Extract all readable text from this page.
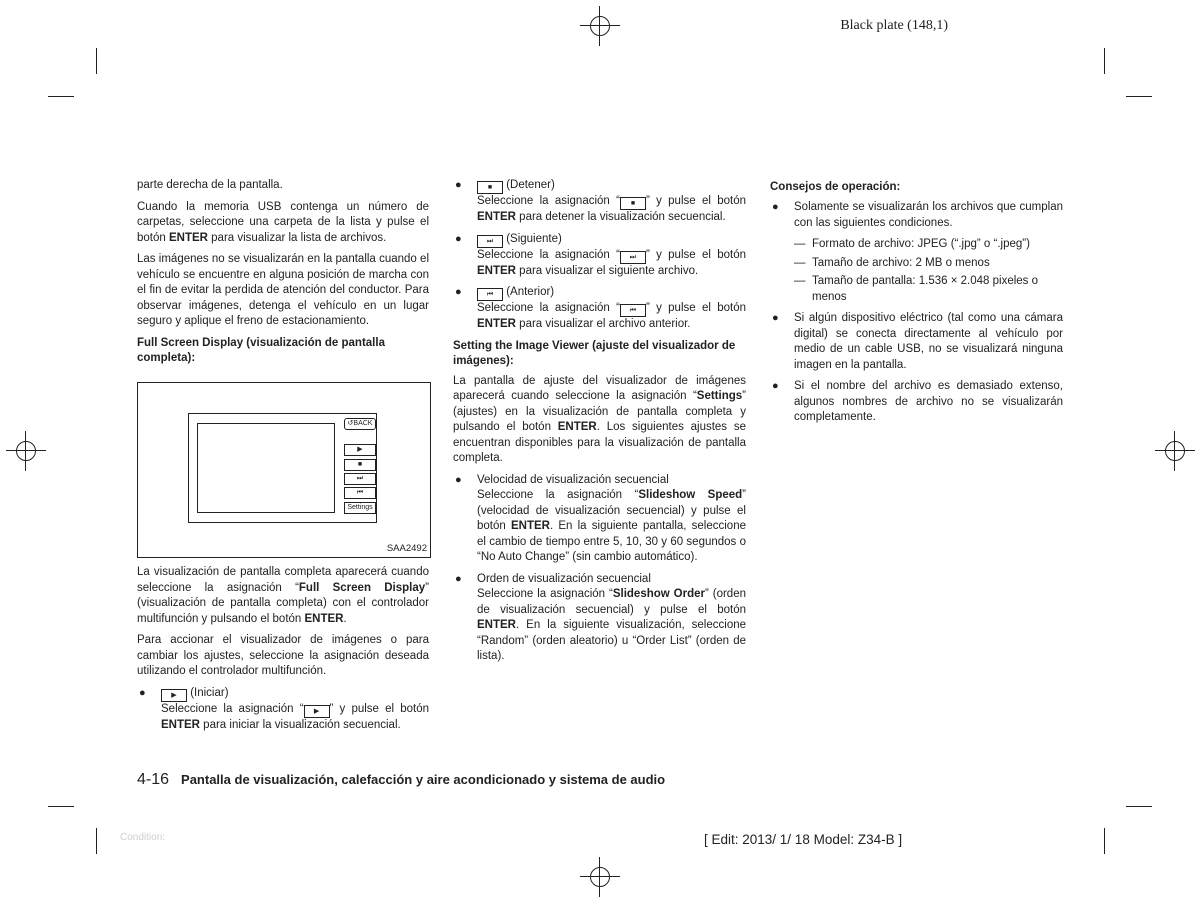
Black plate (148,1)

parte derecha de la pantalla.

Cuando la memoria USB contenga un número de carpetas, seleccione una carpeta de la lista y pulse el botón ENTER para visualizar la lista de archivos.

Las imágenes no se visualizarán en la pantalla cuando el vehículo se encuentre en alguna posición de marcha con el fin de evitar la perdida de atención del conductor. Para observar imágenes, detenga el vehículo en un lugar seguro y aplique el freno de estacionamiento.

Full Screen Display (visualización de pantalla completa):
↺BACK
▶
■
⏭
⏮
Settings
SAA2492

La visualización de pantalla completa aparecerá cuando seleccione la asignación “Full Screen Display” (visualización de pantalla completa) con el controlador multifunción y pulsando el botón ENTER.

Para accionar el visualizador de imágenes o para cambiar los ajustes, seleccione la asignación deseada utilizando el controlador multifunción.

●	▶ (Iniciar)
Seleccione la asignación “ ▶ ” y pulse el botón ENTER para iniciar la visualización secuencial.
●	■ (Detener)
Seleccione la asignación “ ■ ” y pulse el botón ENTER para detener la visualización secuencial.
●	⏭ (Siguiente)
Seleccione la asignación “ ⏭ ” y pulse el botón ENTER para visualizar el siguiente archivo.
●	⏮ (Anterior)
Seleccione la asignación “ ⏮ ” y pulse el botón ENTER para visualizar el archivo anterior.
Setting the Image Viewer (ajuste del visualizador de imágenes):

La pantalla de ajuste del visualizador de imágenes aparecerá cuando seleccione la asignación “Settings” (ajustes) en la visualización de pantalla completa y pulsando el botón ENTER. Los siguientes ajustes se encuentran disponibles para la visualización de pantalla completa.

● Velocidad de visualización secuencial
Seleccione la asignación “Slideshow Speed” (velocidad de visualización secuencial) y pulse el botón ENTER. En la siguiente pantalla, seleccione el cambio de tiempo entre 5, 10, 30 y 60 segundos o “No Auto Change” (sin cambio automático).
● Orden de visualización secuencial
Seleccione la asignación “Slideshow Order” (orden de visualización secuencial) y pulse el botón ENTER. En la siguiente visualización, seleccione “Random” (orden aleatorio) u “Order List” (orden de lista).
Consejos de operación:
● Solamente se visualizarán los archivos que cumplan con las siguientes condiciones.
— Formato de archivo: JPEG (“.jpg” o “.jpeg”)
— Tamaño de archivo: 2 MB o menos
— Tamaño de pantalla: 1.536 × 2.048 pixeles o menos
● Si algún dispositivo eléctrico (tal como una cámara digital) se conecta directamente al vehículo por medio de un cable USB, no se visualizará ninguna imagen en la pantalla.
● Si el nombre del archivo es demasiado extenso, algunos nombres de archivo no se visualizarán completamente.
4-16 Pantalla de visualización, calefacción y aire acondicionado y sistema de audio
Condition:	[ Edit: 2013/ 1/ 18 Model: Z34-B ]
